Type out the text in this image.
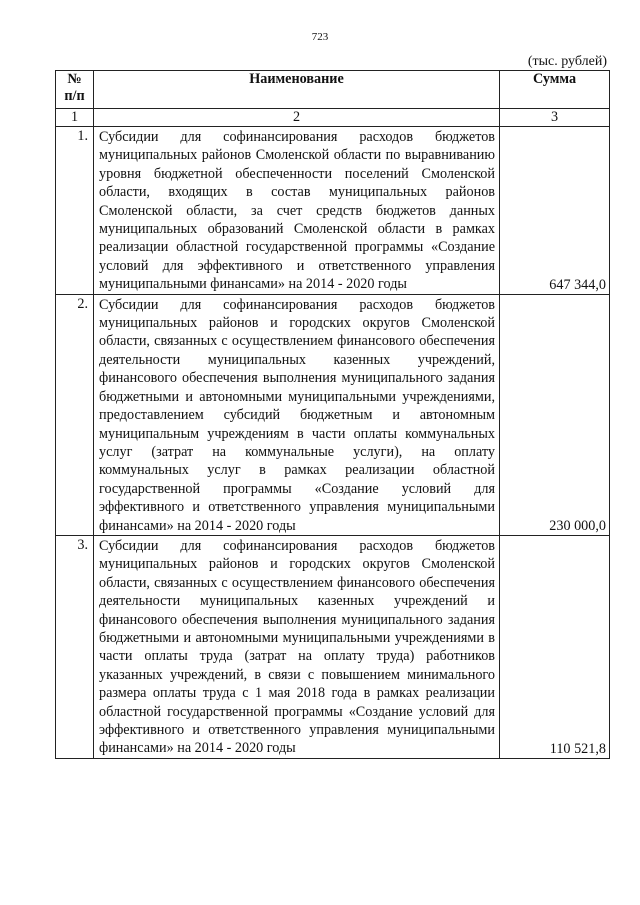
723
(тыс. рублей)
№
п/п	Наименование	Сумма
1	2	3
1.	Субсидии для софинансирования расходов бюджетов муниципальных районов Смоленской области по выравниванию уровня бюджетной обеспеченности поселений Смоленской области, входящих в состав муниципальных районов Смоленской области, за счет средств бюджетов данных муниципальных образований Смоленской области в рамках реализации областной государственной программы «Создание условий для эффективного и ответственного управления муниципальными финансами» на 2014 - 2020 годы	647 344,0
2.	Субсидии для софинансирования расходов бюджетов муниципальных районов и городских округов Смоленской области, связанных с осуществлением финансового обеспечения деятельности муниципальных казенных учреждений, финансового обеспечения выполнения муниципального задания бюджетными и автономными муниципальными учреждениями, предоставлением субсидий бюджетным и автономным муниципальным учреждениям в части оплаты коммунальных услуг (затрат на коммунальные услуги), на оплату коммунальных услуг в рамках реализации областной государственной программы «Создание условий для эффективного и ответственного управления муниципальными финансами» на 2014 - 2020 годы	230 000,0
3.	Субсидии для софинансирования расходов бюджетов муниципальных районов и городских округов Смоленской области, связанных с осуществлением финансового обеспечения деятельности муниципальных казенных учреждений и финансового обеспечения выполнения муниципального задания бюджетными и автономными муниципальными учреждениями в части оплаты труда (затрат на оплату труда) работников указанных учреждений, в связи с повышением минимального размера оплаты труда с 1 мая 2018 года в рамках реализации областной государственной программы «Создание условий для эффективного и ответственного управления муниципальными финансами» на 2014 - 2020 годы	110 521,8
